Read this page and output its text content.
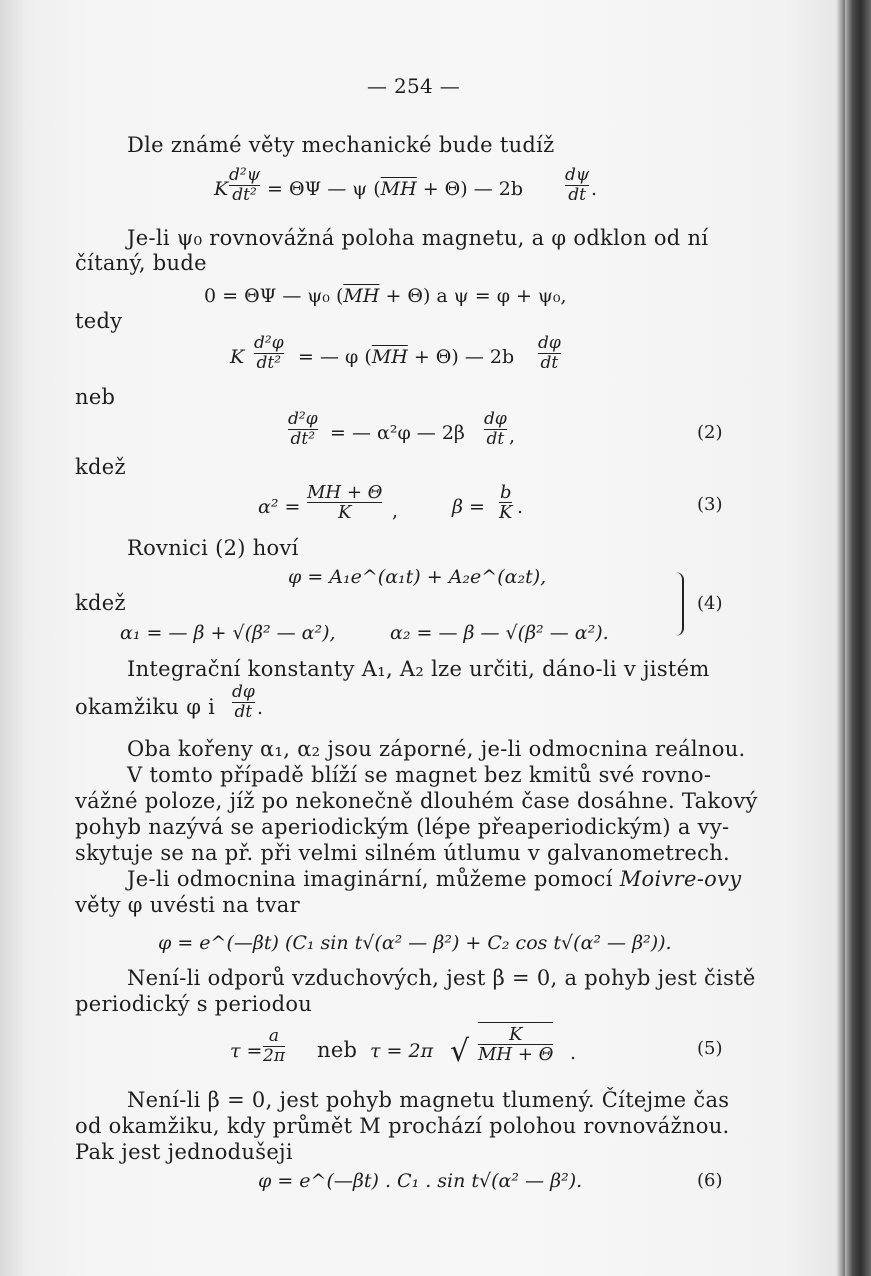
— 254 —
Dle známé věty mechanické bude tudíž
K
d²ψ
dt² = ΘΨ — ψ $(\overline{MH} + \Theta)$ — 2b
dψ
dt .
Je-li ψ₀ rovnovážná poloha magnetu, a φ odklon od ní
čítaný, bude
0 = ΘΨ — ψ₀ $(\overline{MH} + \Theta)$ a ψ = φ + ψ₀,
tedy
K
d²φ
dt² = — φ $(\overline{MH} + \Theta)$ — 2b
dφ
dt
neb
d²φ
dt² = — α²φ — 2β
dφ
dt ,	(2)
kdež
α² =
MH + Θ
K ,	β =
b
K .	(3)
Rovnici (2) hoví
φ = A₁e^(α₁t) + A₂e^(α₂t),
kdež
α₁ = — β + √(β² — α²),	α₂ = — β — √(β² — α²).
(4)
Integrační konstanty A₁, A₂ lze určiti, dáno-li v jistém
okamžiku φ i
dφ
dt .
Oba kořeny α₁, α₂ jsou záporné, je-li odmocnina reálnou.
V tomto případě blíží se magnet bez kmitů své rovno-
vážné poloze, jíž po nekonečně dlouhém čase dosáhne. Takový
pohyb nazývá se aperiodickým (lépe přeaperiodickým) a vy-
skytuje se na př. při velmi silném útlumu v galvanometrech.
Je-li odmocnina imaginární, můžeme pomocí Moivre-ovy
věty φ uvésti na tvar
φ = e^(—βt) (C₁ sin t√(α² — β²) + C₂ cos t√(α² — β²)).
Není-li odporů vzduchových, jest β = 0, a pohyb jest čistě
periodický s periodou
τ =
a
2π neb τ = 2π √ K
MH + Θ .	(5)
Není-li β = 0, jest pohyb magnetu tlumený. Čítejme čas
od okamžiku, kdy průmět M prochází polohou rovnovážnou.
Pak jest jednodušeji
φ = e^(—βt) . C₁ . sin t√(α² — β²).	(6)
